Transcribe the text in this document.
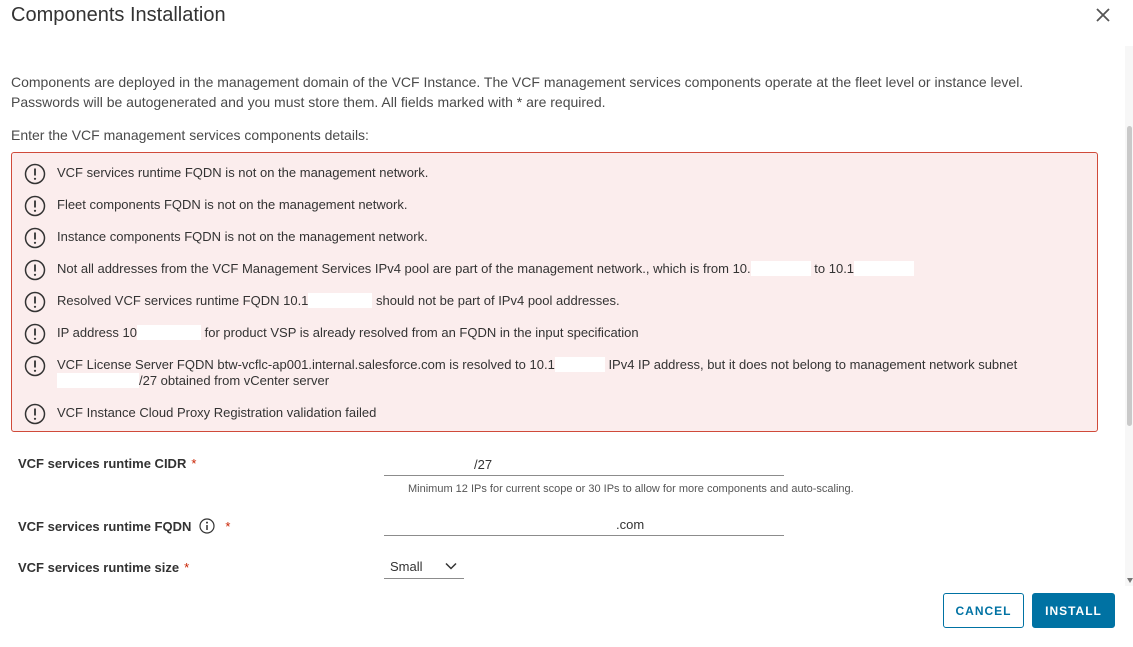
Components Installation
Components are deployed in the management domain of the VCF Instance. The VCF management services components operate at the fleet level or instance level.
Passwords will be autogenerated and you must store them. All fields marked with * are required.
Enter the VCF management services components details:
VCF services runtime FQDN is not on the management network.
Fleet components FQDN is not on the management network.
Instance components FQDN is not on the management network.
Not all addresses from the VCF Management Services IPv4 pool are part of the management network., which is from 10.	to 10.1
Resolved VCF services runtime FQDN 10.1	should not be part of IPv4 pool addresses.
IP address 10	for product VSP is already resolved from an FQDN in the input specification
VCF License Server FQDN btw-vcflc-ap001.internal.salesforce.com is resolved to 10.1	IPv4 IP address, but it does not belong to management network subnet
/27 obtained from vCenter server
VCF Instance Cloud Proxy Registration validation failed
VCF services runtime CIDR *	/27
Minimum 12 IPs for current scope or 30 IPs to allow for more components and auto-scaling.
VCF services runtime FQDN	*	.com
VCF services runtime size *	Small
CANCEL	INSTALL
